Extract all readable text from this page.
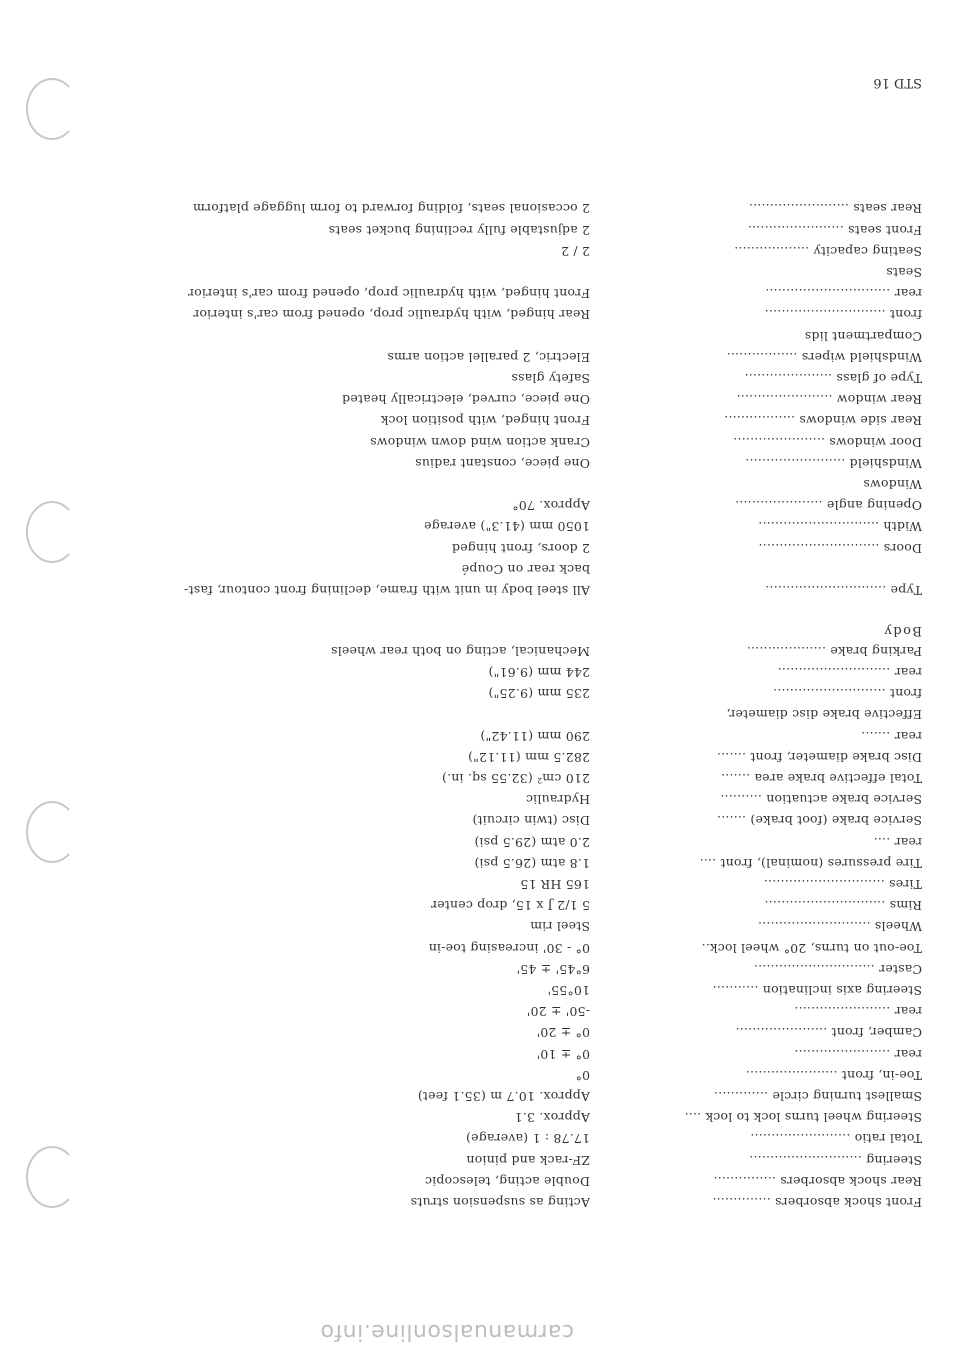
carmanualsonline.info
Front shock absorbers ..............
Acting as suspension struts
Rear shock absorbers ...............
Double acting, telescopic
Steering ...........................
ZF-rack and pinion
Total ratio ........................
17.78 : 1 (average)
Steering wheel turns lock to lock ....
Approx. 3.1
Smallest turning circle .............
Approx. 10.7 m (35.1 feet)
Toe-in, front ......................
0°
rear .......................
0° ± 10'
Camber, front ......................
0° ± 20'
rear .......................
-50' ± 20'
Steering axis inclination ...........
10°55'
Caster .............................
6°45' ± 45'
Toe-out on turns, 20° wheel lock..
0° - 30' increasing toe-in
Wheels ...........................
Steel rim
Rims .............................
5 1/2 J x 15, drop center
Tires .............................
165 HR 15
Tire pressures (nominal), front ....
1.8 atm (26.5 psi)
rear ....
2.0 atm (29.5 psi)
Service brake (foot brake) .......
Disc (twin circuit)
Service brake actuation ..........
Hydraulic
Total effective brake area .......
210 cm² (32.55 sq. in.)
Disc brake diameter, front .......
282.5 mm (11.12")
rear .......
290 mm (11.42")
Effective brake disc diameter,
front ...........................
235 mm (9.25")
rear ...........................
244 mm (9.61")
Parking brake ...................
Mechanical, acting on both rear wheels
Body
Type .............................
All steel body in unit with frame, declining front contour, fast-
back rear on Coupé
Doors .............................
2 doors, front hinged
Width .............................
1050 mm (41.3") average
Opening angle .....................
Approx. 70°
Windows
Windshield ........................
One piece, constant radius
Door windows ......................
Crank action wind down windows
Rear side windows .................
Front hinged, with position lock
Rear window .......................
One piece, curved, electrically heated
Type of glass .....................
Safety glass
Windshield wipers .................
Electric, 2 parallel action arms
Compartment lids
front .............................
Rear hinged, with hydraulic prop, opened from car's interior
rear ..............................
Front hinged, with hydraulic prop, opened from car's interior
Seats
Seating capacity ..................
2 / 2
Front seats .......................
2 adjustable fully reclining bucket seats
Rear seats ........................
2 occasional seats, folding forward to form luggage platform
STD 16
